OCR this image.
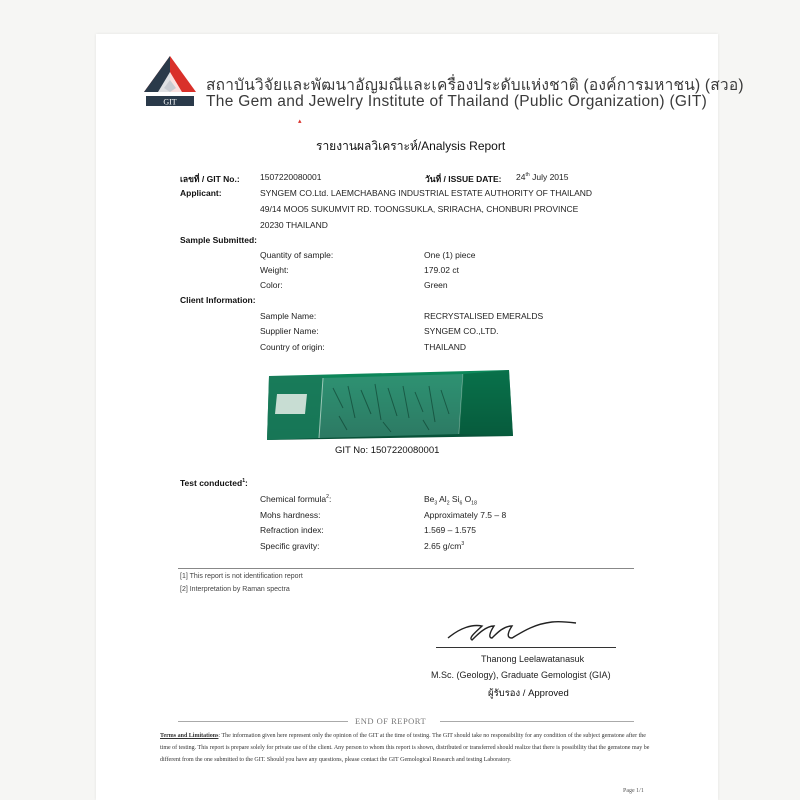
GIT
สถาบันวิจัยและพัฒนาอัญมณีและเครื่องประดับแห่งชาติ (องค์การมหาชน) (สวอ)
The Gem and Jewelry Institute of Thailand (Public Organization) (GIT)
▴
รายงานผลวิเคราะห์/Analysis Report
เลขที่ / GIT No.: 1507220080001	วันที่ / ISSUE DATE: 24th July 2015
Applicant:	SYNGEM CO.Ltd. LAEMCHABANG INDUSTRIAL ESTATE AUTHORITY OF THAILAND
49/14 MOO5 SUKUMVIT RD. TOONGSUKLA, SRIRACHA, CHONBURI PROVINCE
20230 THAILAND
Sample Submitted:
Quantity of sample:	One (1) piece
Weight:	179.02 ct
Color:	Green
Client Information:
Sample Name:	RECRYSTALISED EMERALDS
Supplier Name:	SYNGEM CO.,LTD.
Country of origin:	THAILAND
GIT No: 1507220080001
Test conducted$^1$:
Chemical formula$^2$:	$Be_3$ $Al_2$ $Si_6$ $O_{18}$
Mohs hardness:	Approximately 7.5 – 8
Refraction index:	1.569 – 1.575
Specific gravity:	2.65 $g/cm^3$
[1] This report is not identification report
[2] Interpretation by Raman spectra
Thanong Leelawatanasuk
M.Sc. (Geology), Graduate Gemologist (GIA)
ผู้รับรอง / Approved
END OF REPORT
Terms and Limitations: The information given here represent only the opinion of the GIT at the time of testing. The GIT should take no responsibility for any condition of the subject gemstone after the time of testing. This report is prepare solely for private use of the client. Any person to whom this report is shown, distributed or transferred should realize that there is possibility that the gemstone may be different from the one submitted to the GIT. Should you have any questions, please contact the GIT Gemological Research and testing Laboratory.
Page 1/1
